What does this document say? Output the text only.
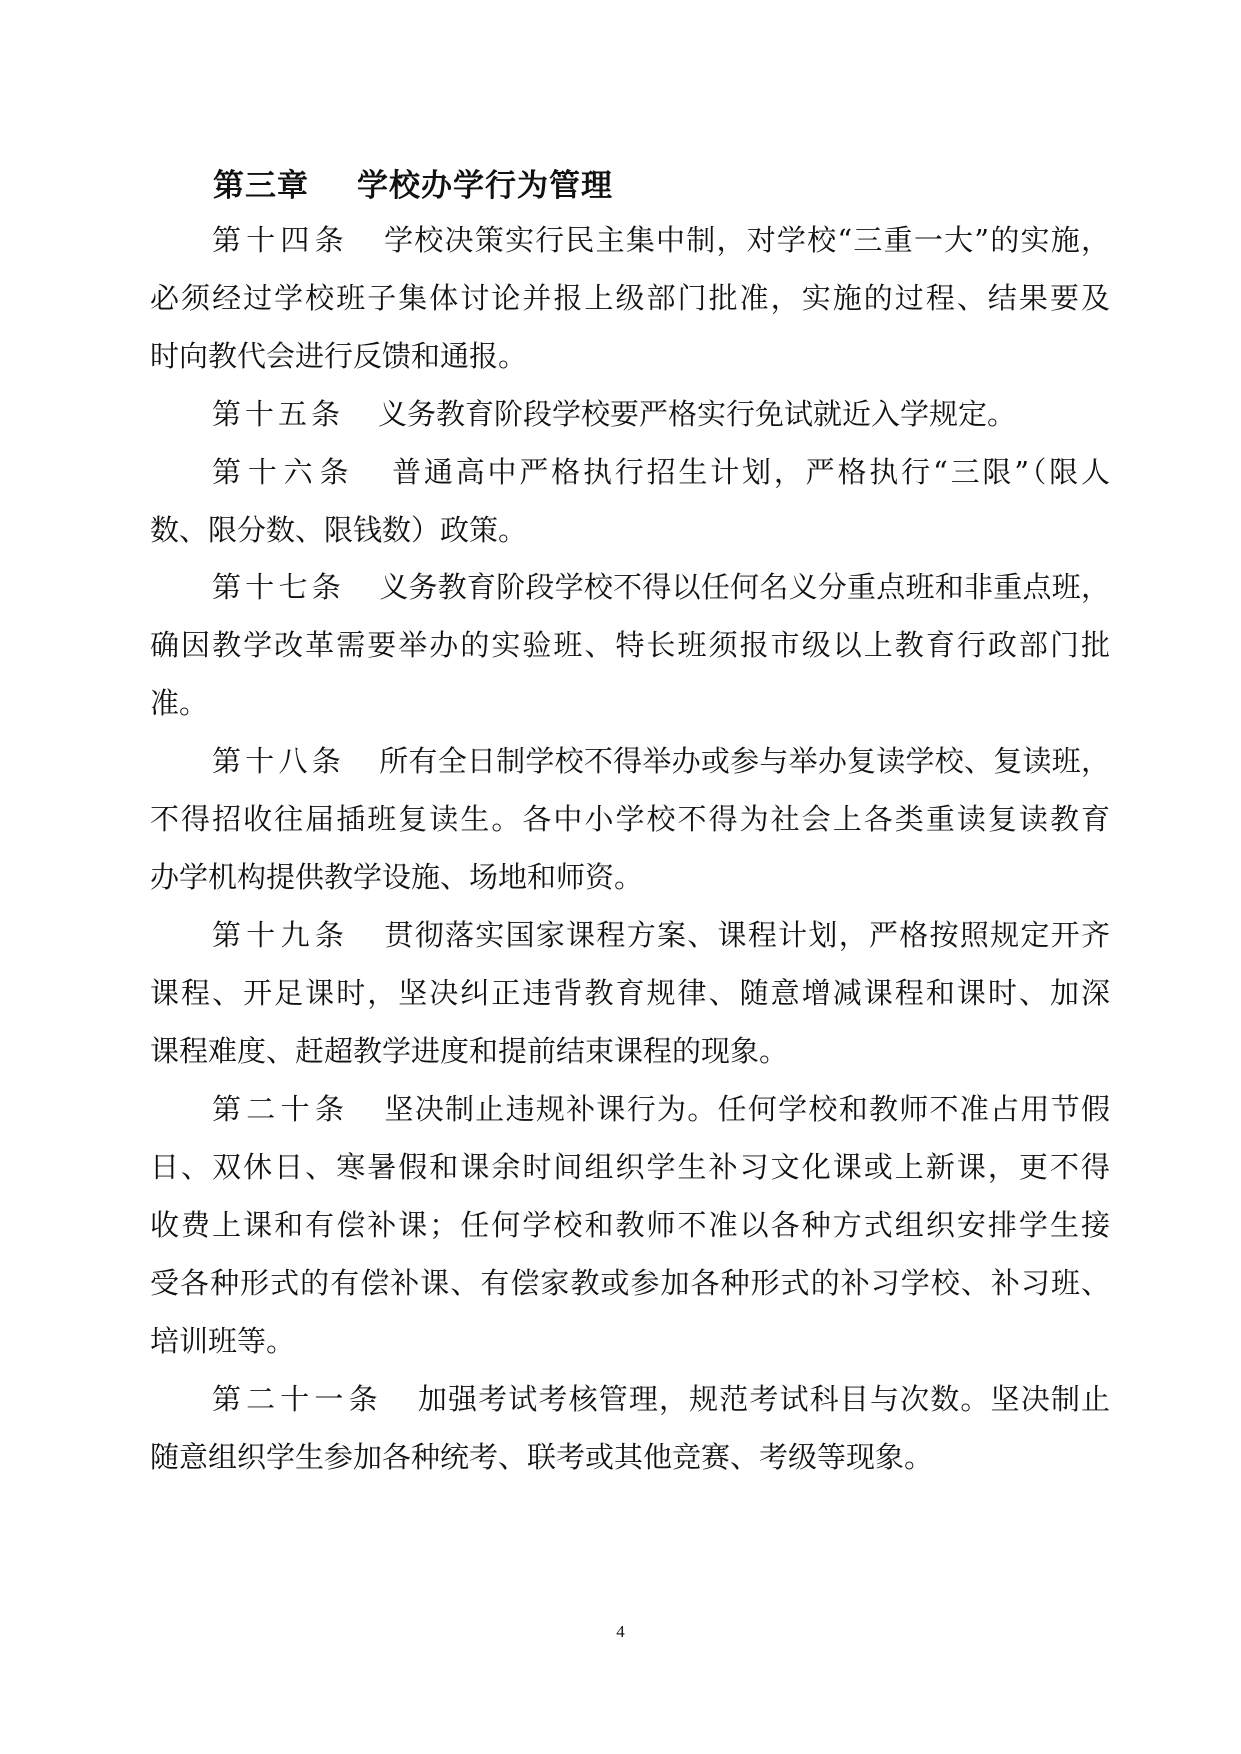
第三章 学校办学行为管理
第十四条 学校决策实行民主集中制，对学校“三重一大”的实施，
必须经过学校班子集体讨论并报上级部门批准，实施的过程、结果要及
时向教代会进行反馈和通报。
第十五条 义务教育阶段学校要严格实行免试就近入学规定。
第十六条 普通高中严格执行招生计划，严格执行“三限”（限人
数、限分数、限钱数）政策。
第十七条 义务教育阶段学校不得以任何名义分重点班和非重点班，
确因教学改革需要举办的实验班、特长班须报市级以上教育行政部门批
准。
第十八条 所有全日制学校不得举办或参与举办复读学校、复读班，
不得招收往届插班复读生。各中小学校不得为社会上各类重读复读教育
办学机构提供教学设施、场地和师资。
第十九条 贯彻落实国家课程方案、课程计划，严格按照规定开齐
课程、开足课时，坚决纠正违背教育规律、随意增减课程和课时、加深
课程难度、赶超教学进度和提前结束课程的现象。
第二十条 坚决制止违规补课行为。任何学校和教师不准占用节假
日、双休日、寒暑假和课余时间组织学生补习文化课或上新课，更不得
收费上课和有偿补课；任何学校和教师不准以各种方式组织安排学生接
受各种形式的有偿补课、有偿家教或参加各种形式的补习学校、补习班、
培训班等。
第二十一条 加强考试考核管理，规范考试科目与次数。坚决制止
随意组织学生参加各种统考、联考或其他竞赛、考级等现象。
4
